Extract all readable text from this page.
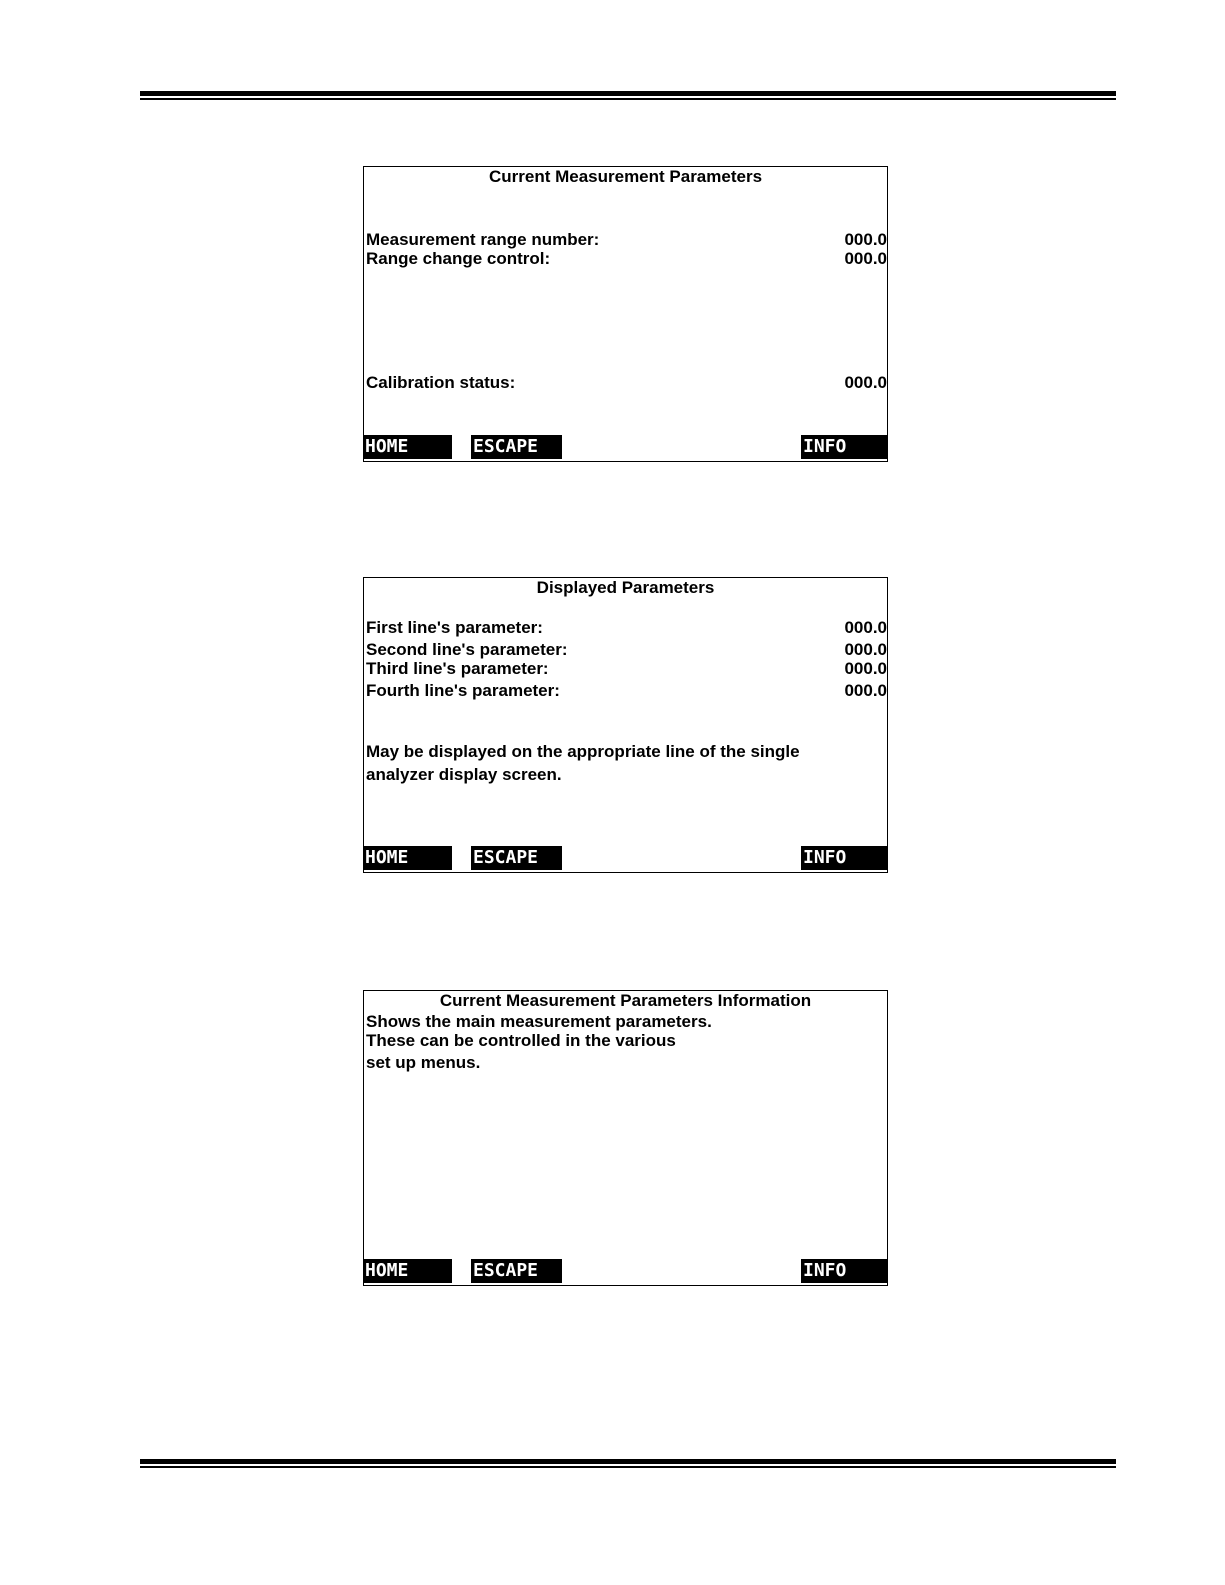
Current Measurement Parameters
Measurement range number:	000.0
Range change control:	000.0
Calibration status:	000.0
HOME	ESCAPE	INFO
Displayed Parameters
First line's parameter:	000.0
Second line's parameter:	000.0
Third line's parameter:	000.0
Fourth line's parameter:	000.0
May be displayed on the appropriate line of the single
analyzer display screen.
HOME	ESCAPE	INFO
Current Measurement Parameters Information
Shows the main measurement parameters.
These can be controlled in the various
set up menus.
HOME	ESCAPE	INFO
